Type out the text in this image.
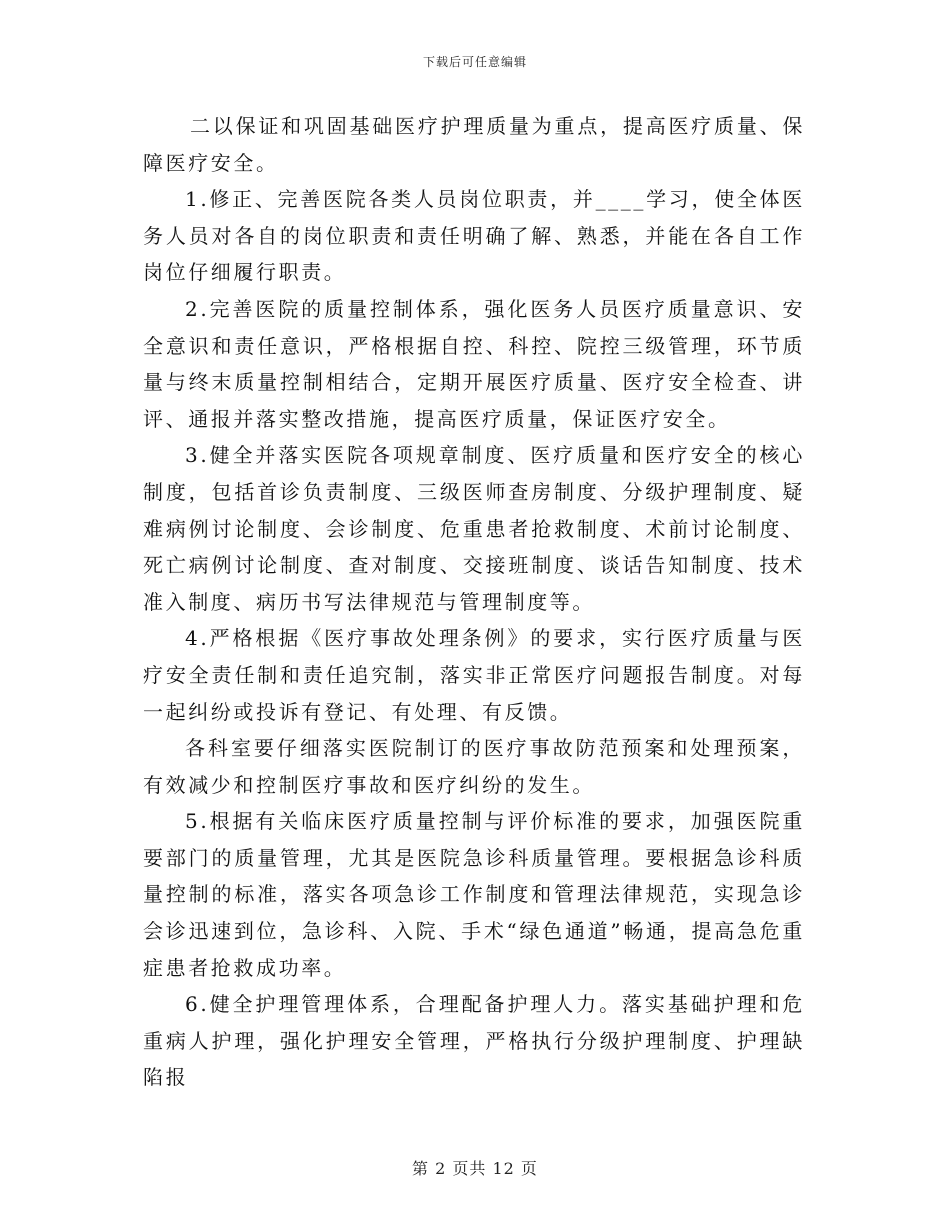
下载后可任意编辑

二以保证和巩固基础医疗护理质量为重点，提高医疗质量、保障医疗安全。

1.修正、完善医院各类人员岗位职责，并____学习，使全体医务人员对各自的岗位职责和责任明确了解、熟悉，并能在各自工作岗位仔细履行职责。

2.完善医院的质量控制体系，强化医务人员医疗质量意识、安全意识和责任意识，严格根据自控、科控、院控三级管理，环节质量与终末质量控制相结合，定期开展医疗质量、医疗安全检查、讲评、通报并落实整改措施，提高医疗质量，保证医疗安全。

3.健全并落实医院各项规章制度、医疗质量和医疗安全的核心制度，包括首诊负责制度、三级医师查房制度、分级护理制度、疑难病例讨论制度、会诊制度、危重患者抢救制度、术前讨论制度、死亡病例讨论制度、查对制度、交接班制度、谈话告知制度、技术准入制度、病历书写法律规范与管理制度等。

4.严格根据《医疗事故处理条例》的要求，实行医疗质量与医疗安全责任制和责任追究制，落实非正常医疗问题报告制度。对每一起纠纷或投诉有登记、有处理、有反馈。

各科室要仔细落实医院制订的医疗事故防范预案和处理预案，有效减少和控制医疗事故和医疗纠纷的发生。

5.根据有关临床医疗质量控制与评价标准的要求，加强医院重要部门的质量管理，尤其是医院急诊科质量管理。要根据急诊科质量控制的标准，落实各项急诊工作制度和管理法律规范，实现急诊会诊迅速到位，急诊科、入院、手术“绿色通道”畅通，提高急危重症患者抢救成功率。

6.健全护理管理体系，合理配备护理人力。落实基础护理和危重病人护理，强化护理安全管理，严格执行分级护理制度、护理缺陷报

第 2 页共 12 页
